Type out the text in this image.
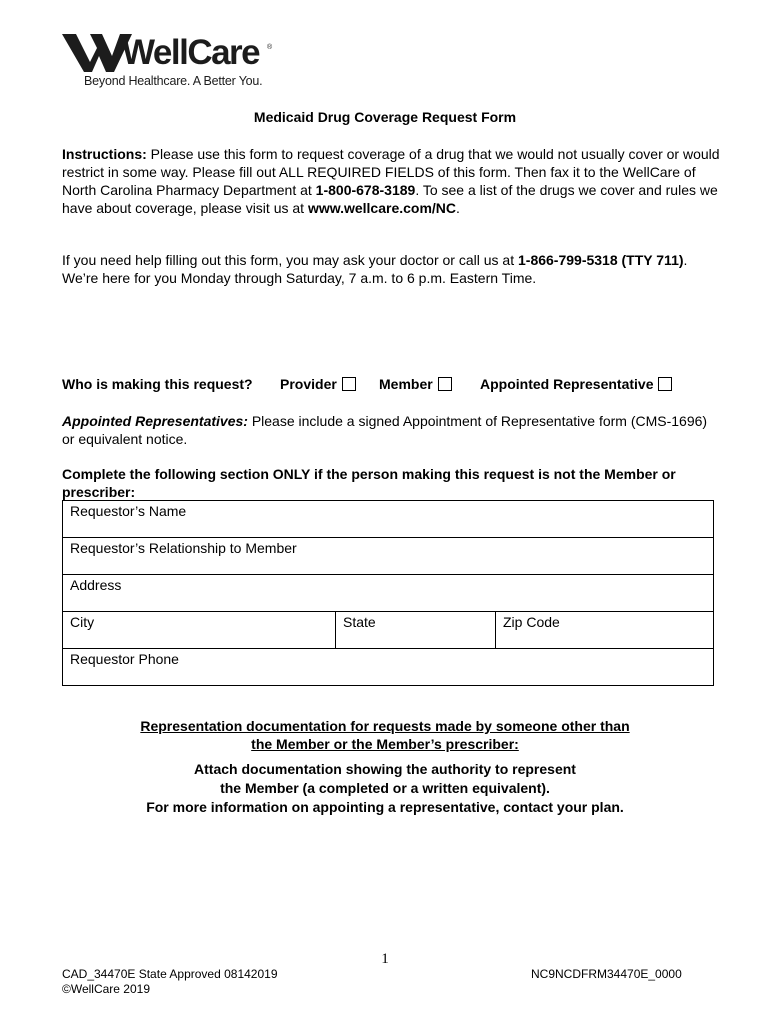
WellCare ®
Beyond Healthcare. A Better You.
Medicaid Drug Coverage Request Form
Instructions: Please use this form to request coverage of a drug that we would not usually cover or would restrict in some way. Please fill out ALL REQUIRED FIELDS of this form. Then fax it to the WellCare of North Carolina Pharmacy Department at 1-800-678-3189. To see a list of the drugs we cover and rules we have about coverage, please visit us at www.wellcare.com/NC.
If you need help filling out this form, you may ask your doctor or call us at 1-866-799-5318 (TTY 711). We’re here for you Monday through Saturday, 7 a.m. to 6 p.m. Eastern Time.
Who is making this request? Provider	Member	Appointed Representative
Appointed Representatives: Please include a signed Appointment of Representative form (CMS-1696) or equivalent notice.
Complete the following section ONLY if the person making this request is not the Member or prescriber:
Requestor’s Name
Requestor’s Relationship to Member
Address
City	State	Zip Code
Requestor Phone
Representation documentation for requests made by someone other than
the Member or the Member’s prescriber:
Attach documentation showing the authority to represent
the Member (a completed or a written equivalent).
For more information on appointing a representative, contact your plan.
1
CAD_34470E State Approved 08142019
©WellCare 2019
NC9NCDFRM34470E_0000
